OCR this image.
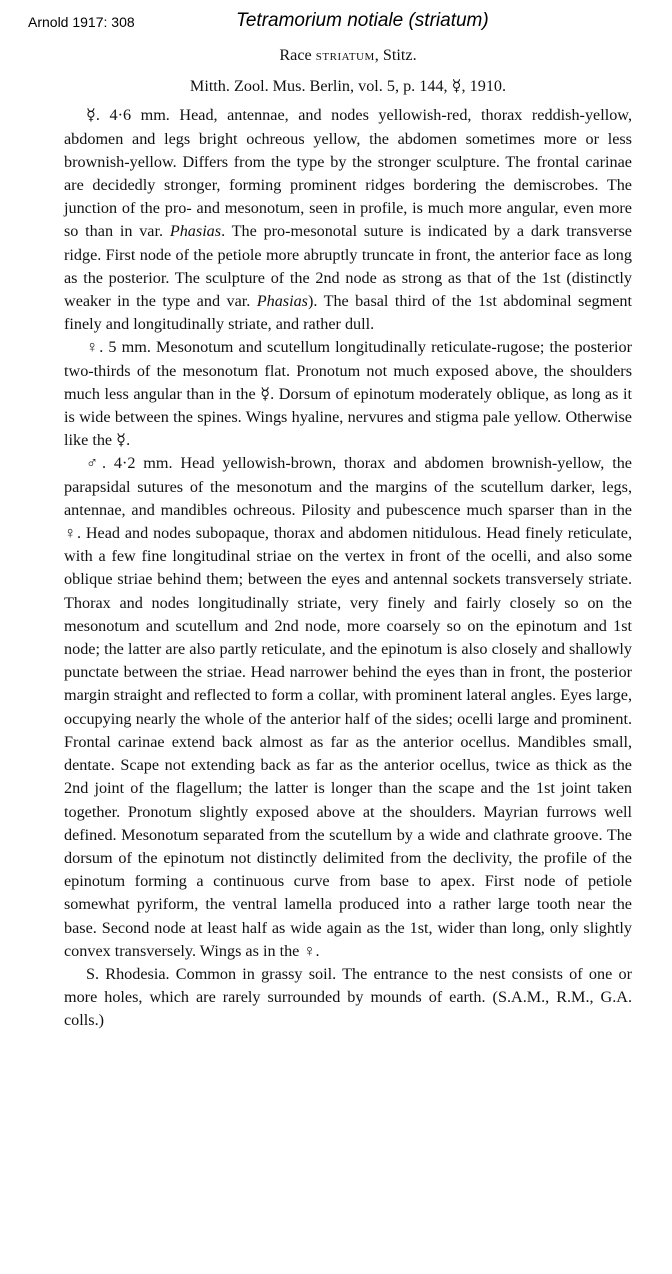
Arnold 1917: 308	Tetramorium notiale (striatum)

Race striatum, Stitz.

Mitth. Zool. Mus. Berlin, vol. 5, p. 144, ☿, 1910.

☿. 4·6 mm. Head, antennae, and nodes yellowish-red, thorax reddish-yellow, abdomen and legs bright ochreous yellow, the abdomen sometimes more or less brownish-yellow. Differs from the type by the stronger sculpture. The frontal carinae are decidedly stronger, forming prominent ridges bordering the demiscrobes. The junction of the pro- and mesonotum, seen in profile, is much more angular, even more so than in var. Phasias. The pro-mesonotal suture is indicated by a dark transverse ridge. First node of the petiole more abruptly truncate in front, the anterior face as long as the posterior. The sculpture of the 2nd node as strong as that of the 1st (distinctly weaker in the type and var. Phasias). The basal third of the 1st abdominal segment finely and longitudinally striate, and rather dull.

♀. 5 mm. Mesonotum and scutellum longitudinally reticulate-rugose; the posterior two-thirds of the mesonotum flat. Pronotum not much exposed above, the shoulders much less angular than in the ☿. Dorsum of epinotum moderately oblique, as long as it is wide between the spines. Wings hyaline, nervures and stigma pale yellow. Otherwise like the ☿.

♂. 4·2 mm. Head yellowish-brown, thorax and abdomen brownish-yellow, the parapsidal sutures of the mesonotum and the margins of the scutellum darker, legs, antennae, and mandibles ochreous. Pilosity and pubescence much sparser than in the ♀. Head and nodes subopaque, thorax and abdomen nitidulous. Head finely reticulate, with a few fine longitudinal striae on the vertex in front of the ocelli, and also some oblique striae behind them; between the eyes and antennal sockets transversely striate. Thorax and nodes longitudinally striate, very finely and fairly closely so on the mesonotum and scutellum and 2nd node, more coarsely so on the epinotum and 1st node; the latter are also partly reticulate, and the epinotum is also closely and shallowly punctate between the striae. Head narrower behind the eyes than in front, the posterior margin straight and reflected to form a collar, with prominent lateral angles. Eyes large, occupying nearly the whole of the anterior half of the sides; ocelli large and prominent. Frontal carinae extend back almost as far as the anterior ocellus. Mandibles small, dentate. Scape not extending back as far as the anterior ocellus, twice as thick as the 2nd joint of the flagellum; the latter is longer than the scape and the 1st joint taken together. Pronotum slightly exposed above at the shoulders. Mayrian furrows well defined. Mesonotum separated from the scutellum by a wide and clathrate groove. The dorsum of the epinotum not distinctly delimited from the declivity, the profile of the epinotum forming a continuous curve from base to apex. First node of petiole somewhat pyriform, the ventral lamella produced into a rather large tooth near the base. Second node at least half as wide again as the 1st, wider than long, only slightly convex transversely. Wings as in the ♀.

S. Rhodesia. Common in grassy soil. The entrance to the nest consists of one or more holes, which are rarely surrounded by mounds of earth. (S.A.M., R.M., G.A. colls.)
